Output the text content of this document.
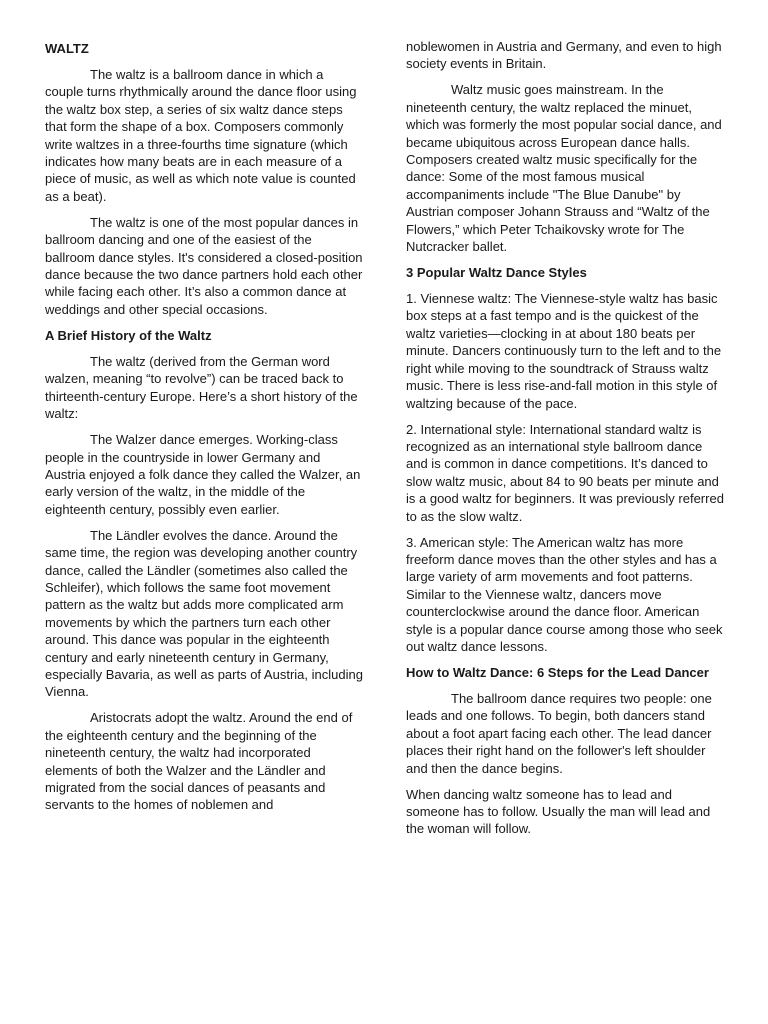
WALTZ

The waltz is a ballroom dance in which a couple turns rhythmically around the dance floor using the waltz box step, a series of six waltz dance steps that form the shape of a box. Composers commonly write waltzes in a three-fourths time signature (which indicates how many beats are in each measure of a piece of music, as well as which note value is counted as a beat).

The waltz is one of the most popular dances in ballroom dancing and one of the easiest of the ballroom dance styles. It's considered a closed-position dance because the two dance partners hold each other while facing each other. It’s also a common dance at weddings and other special occasions.

A Brief History of the Waltz

The waltz (derived from the German word walzen, meaning “to revolve”) can be traced back to thirteenth-century Europe. Here’s a short history of the waltz:

The Walzer dance emerges. Working-class people in the countryside in lower Germany and Austria enjoyed a folk dance they called the Walzer, an early version of the waltz, in the middle of the eighteenth century, possibly even earlier.

The Ländler evolves the dance. Around the same time, the region was developing another country dance, called the Ländler (sometimes also called the Schleifer), which follows the same foot movement pattern as the waltz but adds more complicated arm movements by which the partners turn each other around. This dance was popular in the eighteenth century and early nineteenth century in Germany, especially Bavaria, as well as parts of Austria, including Vienna.

Aristocrats adopt the waltz. Around the end of the eighteenth century and the beginning of the nineteenth century, the waltz had incorporated elements of both the Walzer and the Ländler and migrated from the social dances of peasants and servants to the homes of noblemen and

noblewomen in Austria and Germany, and even to high society events in Britain.

Waltz music goes mainstream. In the nineteenth century, the waltz replaced the minuet, which was formerly the most popular social dance, and became ubiquitous across European dance halls. Composers created waltz music specifically for the dance: Some of the most famous musical accompaniments include "The Blue Danube" by Austrian composer Johann Strauss and “Waltz of the Flowers,” which Peter Tchaikovsky wrote for The Nutcracker ballet.

3 Popular Waltz Dance Styles

1. Viennese waltz: The Viennese-style waltz has basic box steps at a fast tempo and is the quickest of the waltz varieties—clocking in at about 180 beats per minute. Dancers continuously turn to the left and to the right while moving to the soundtrack of Strauss waltz music. There is less rise-and-fall motion in this style of waltzing because of the pace.

2. International style: International standard waltz is recognized as an international style ballroom dance and is common in dance competitions. It’s danced to slow waltz music, about 84 to 90 beats per minute and is a good waltz for beginners. It was previously referred to as the slow waltz.

3. American style: The American waltz has more freeform dance moves than the other styles and has a large variety of arm movements and foot patterns. Similar to the Viennese waltz, dancers move counterclockwise around the dance floor. American style is a popular dance course among those who seek out waltz dance lessons.

How to Waltz Dance: 6 Steps for the Lead Dancer

The ballroom dance requires two people: one leads and one follows. To begin, both dancers stand about a foot apart facing each other. The lead dancer places their right hand on the follower's left shoulder and then the dance begins.

When dancing waltz someone has to lead and someone has to follow. Usually the man will lead and the woman will follow.
